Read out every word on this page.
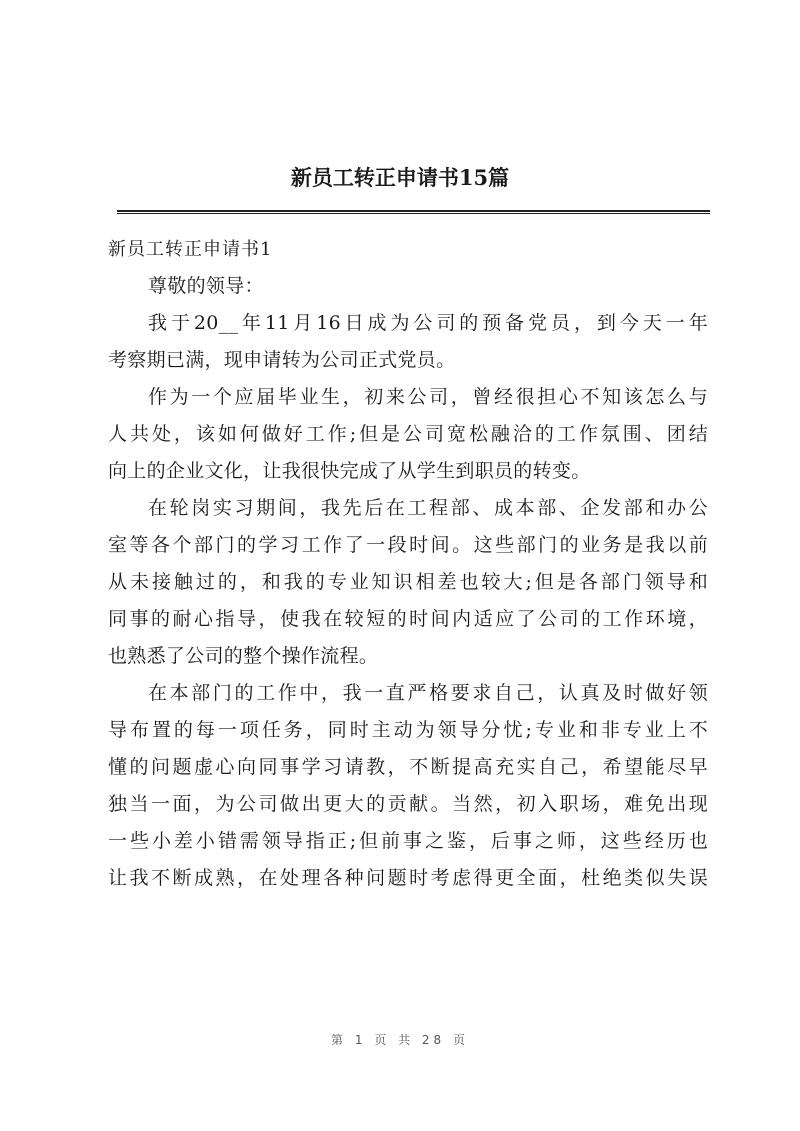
新员工转正申请书15篇
新员工转正申请书1
尊敬的领导：
我于20__年11月16日成为公司的预备党员，到今天一年
考察期已满，现申请转为公司正式党员。
作为一个应届毕业生，初来公司，曾经很担心不知该怎么与
人共处，该如何做好工作;但是公司宽松融洽的工作氛围、团结
向上的企业文化，让我很快完成了从学生到职员的转变。
在轮岗实习期间，我先后在工程部、成本部、企发部和办公
室等各个部门的学习工作了一段时间。这些部门的业务是我以前
从未接触过的，和我的专业知识相差也较大;但是各部门领导和
同事的耐心指导，使我在较短的时间内适应了公司的工作环境，
也熟悉了公司的整个操作流程。
在本部门的工作中，我一直严格要求自己，认真及时做好领
导布置的每一项任务，同时主动为领导分忧;专业和非专业上不
懂的问题虚心向同事学习请教，不断提高充实自己，希望能尽早
独当一面，为公司做出更大的贡献。当然，初入职场，难免出现
一些小差小错需领导指正;但前事之鉴，后事之师，这些经历也
让我不断成熟，在处理各种问题时考虑得更全面，杜绝类似失误
第 1 页 共 28 页
